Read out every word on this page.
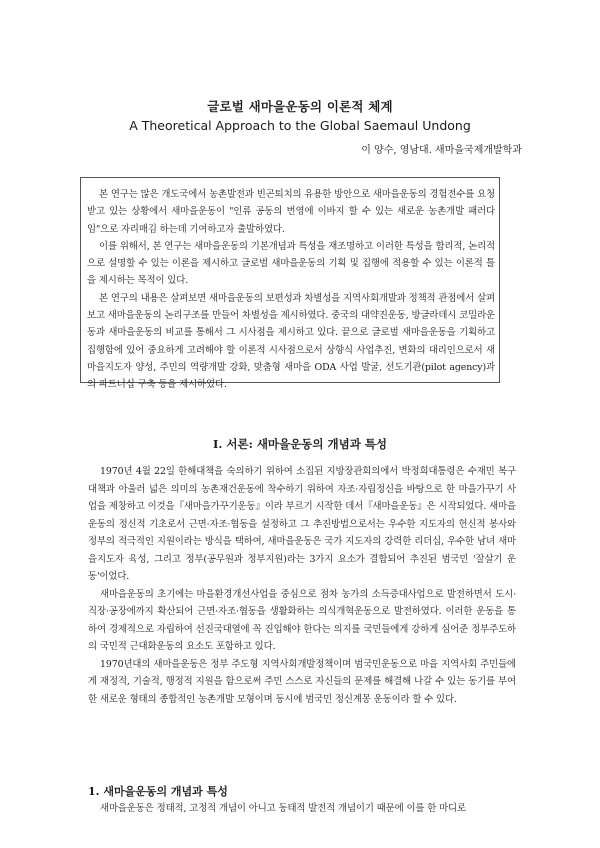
글로벌 새마을운동의 이론적 체계
A Theoretical Approach to the Global Saemaul Undong
이 양수, 영남대. 새마을국제개발학과

본 연구는 많은 개도국에서 농촌발전과 빈곤퇴치의 유용한 방안으로 새마을운동의 경험전수를 요청받고 있는 상황에서 새마을운동이 "인류 공동의 번영에 이바지 할 수 있는 새로운 농촌개발 패러다임"으로 자리매김 하는데 기여하고자 출발하였다.

이를 위해서, 본 연구는 새마을운동의 기본개념과 특성을 재조명하고 이러한 특성을 합리적, 논리적으로 설명할 수 있는 이론을 제시하고 글로벌 새마을운동의 기획 및 집행에 적용할 수 있는 이론적 틀을 제시하는 목적이 있다.

본 연구의 내용은 살펴보면 새마을운동의 보편성과 차별성을 지역사회개발과 정책적 관점에서 살펴보고 새마을운동의 논리구조를 만들어 차별성을 제시하였다. 중국의 대약진운동, 방글라데시 코밀라운동과 새마을운동의 비교를 통해서 그 시사점을 제시하고 있다. 끝으로 글로벌 새마을운동을 기획하고 집행함에 있어 중요하게 고려해야 할 이론적 시사점으로서 상향식 사업추진, 변화의 대리인으로서 새마을지도자 양성, 주민의 역량개발 강화, 맞춤형 새마을 ODA 사업 발굴, 선도기관(pilot agency)과의 파트너십 구축 등을 제시하였다.

Ⅰ. 서론: 새마을운동의 개념과 특성

1970년 4월 22일 한해대책을 숙의하기 위하여 소집된 지방장관회의에서 박정희대통령은 수재민 복구대책과 아울러 넓은 의미의 농촌재건운동에 착수하기 위하여 자조·자립정신을 바탕으로 한 마을가꾸기 사업을 제창하고 이것을『새마을가꾸기운동』이라 부르기 시작한 데서『새마을운동』은 시작되었다. 새마을운동의 정신적 기초로서 근면·자조·협동을 설정하고 그 추진방법으로서는 우수한 지도자의 헌신적 봉사와 정부의 적극적인 지원이라는 방식을 택하여, 새마을운동은 국가 지도자의 강력한 리더십, 우수한 남녀 새마을지도자 육성, 그리고 정부(공무원과 정부지원)라는 3가지 요소가 결합되어 추진된 범국민 '잘살기 운동'이었다.

새마을운동의 초기에는 마을환경개선사업을 중심으로 점차 농가의 소득증대사업으로 발전하면서 도시·직장·공장에까지 확산되어 근면·자조·협동을 생활화하는 의식개혁운동으로 발전하였다. 이러한 운동을 통하여 경제적으로 자립하여 선진국대열에 꼭 진입해야 한다는 의지를 국민들에게 강하게 심어준 정부주도하의 국민적 근대화운동의 요소도 포함하고 있다.

1970년대의 새마을운동은 정부 주도형 지역사회개발정책이며 범국민운동으로 마을 지역사회 주민들에게 재정적, 기술적, 행정적 지원을 함으로써 주민 스스로 자신들의 문제를 해결해 나갈 수 있는 동기를 부여한 새로운 형태의 종합적인 농촌개발 모형이며 동시에 범국민 정신계몽 운동이라 할 수 있다.

1. 새마을운동의 개념과 특성

새마을운동은 정태적, 고정적 개념이 아니고 동태적 발전적 개념이기 때문에 이를 한 마디로
